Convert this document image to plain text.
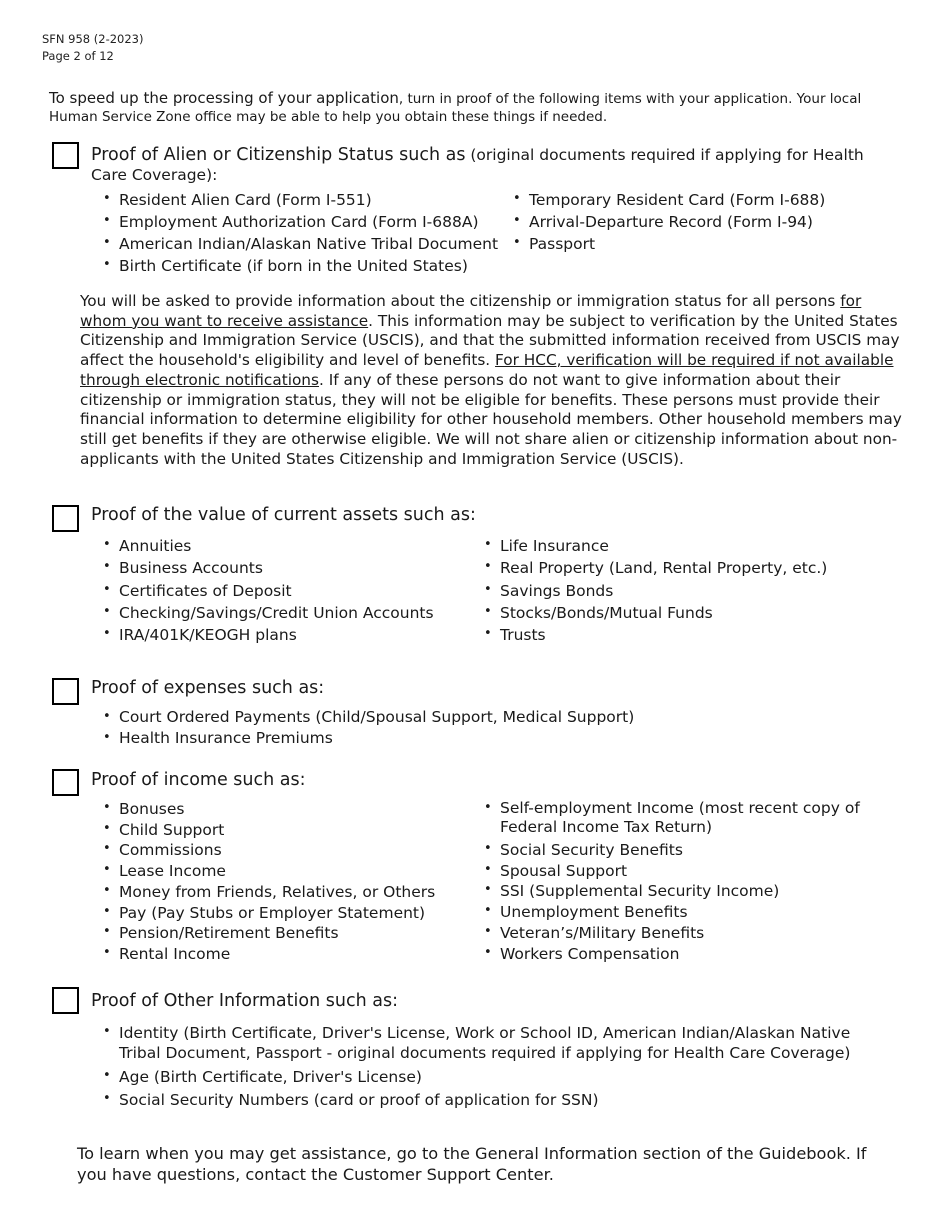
SFN 958 (2-2023)
Page 2 of 12
To speed up the processing of your application, turn in proof of the following items with your application. Your local Human Service Zone office may be able to help you obtain these things if needed.
Proof of Alien or Citizenship Status such as (original documents required if applying for Health Care Coverage):
• Resident Alien Card (Form I-551)
• Employment Authorization Card (Form I-688A)
• American Indian/Alaskan Native Tribal Document
• Birth Certificate (if born in the United States)
• Temporary Resident Card (Form I-688)
• Arrival-Departure Record (Form I-94)
• Passport
You will be asked to provide information about the citizenship or immigration status for all persons for whom you want to receive assistance. This information may be subject to verification by the United States Citizenship and Immigration Service (USCIS), and that the submitted information received from USCIS may affect the household's eligibility and level of benefits. For HCC, verification will be required if not available through electronic notifications. If any of these persons do not want to give information about their citizenship or immigration status, they will not be eligible for benefits. These persons must provide their financial information to determine eligibility for other household members. Other household members may still get benefits if they are otherwise eligible. We will not share alien or citizenship information about non-applicants with the United States Citizenship and Immigration Service (USCIS).
Proof of the value of current assets such as:
• Annuities
• Business Accounts
• Certificates of Deposit
• Checking/Savings/Credit Union Accounts
• IRA/401K/KEOGH plans
• Life Insurance
• Real Property (Land, Rental Property, etc.)
• Savings Bonds
• Stocks/Bonds/Mutual Funds
• Trusts
Proof of expenses such as:
• Court Ordered Payments (Child/Spousal Support, Medical Support)
• Health Insurance Premiums
Proof of income such as:
• Bonuses
• Child Support
• Commissions
• Lease Income
• Money from Friends, Relatives, or Others
• Pay (Pay Stubs or Employer Statement)
• Pension/Retirement Benefits
• Rental Income
• Self-employment Income (most recent copy of Federal Income Tax Return)
• Social Security Benefits
• Spousal Support
• SSI (Supplemental Security Income)
• Unemployment Benefits
• Veteran’s/Military Benefits
• Workers Compensation
Proof of Other Information such as:
• Identity (Birth Certificate, Driver's License, Work or School ID, American Indian/Alaskan Native Tribal Document, Passport - original documents required if applying for Health Care Coverage)
• Age (Birth Certificate, Driver's License)
• Social Security Numbers (card or proof of application for SSN)
To learn when you may get assistance, go to the General Information section of the Guidebook. If you have questions, contact the Customer Support Center.
